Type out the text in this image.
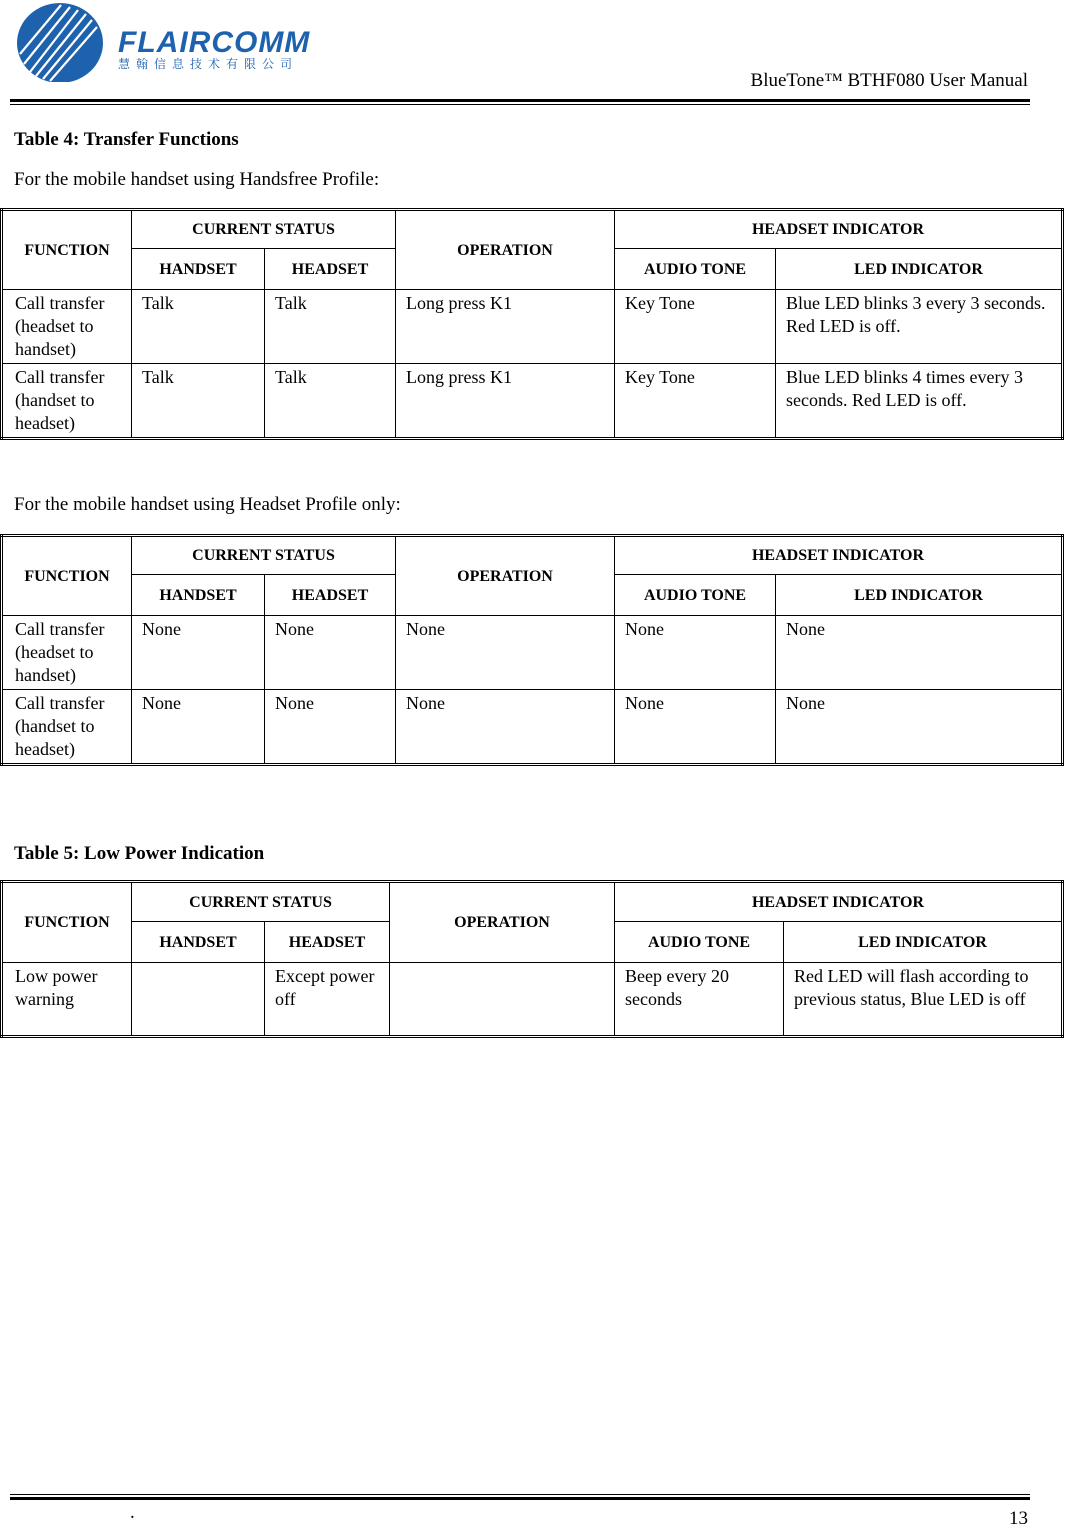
FLAIRCOMM
慧翰信息技术有限公司
BlueTone™ BTHF080 User Manual
Table 4: Transfer Functions
For the mobile handset using Handsfree Profile:
FUNCTION	CURRENT STATUS		OPERATION	HEADSET INDICATOR	
	HANDSET	HEADSET		AUDIO TONE	LED INDICATOR
Call transfer (headset to handset)	Talk	Talk	Long press K1	Key Tone	Blue LED blinks 3 every 3 seconds. Red LED is off.
Call transfer (handset to headset)	Talk	Talk	Long press K1	Key Tone	Blue LED blinks 4 times every 3 seconds. Red LED is off.
For the mobile handset using Headset Profile only:
FUNCTION	CURRENT STATUS		OPERATION	HEADSET INDICATOR	
	HANDSET	HEADSET		AUDIO TONE	LED INDICATOR
Call transfer (headset to handset)	None	None	None	None	None
Call transfer (handset to headset)	None	None	None	None	None
Table 5: Low Power Indication
FUNCTION	CURRENT STATUS		OPERATION	HEADSET INDICATOR	
	HANDSET	HEADSET		AUDIO TONE	LED INDICATOR
Low power warning		Except power off		Beep every 20 seconds	Red LED will flash according to previous status, Blue LED is off
.	13
